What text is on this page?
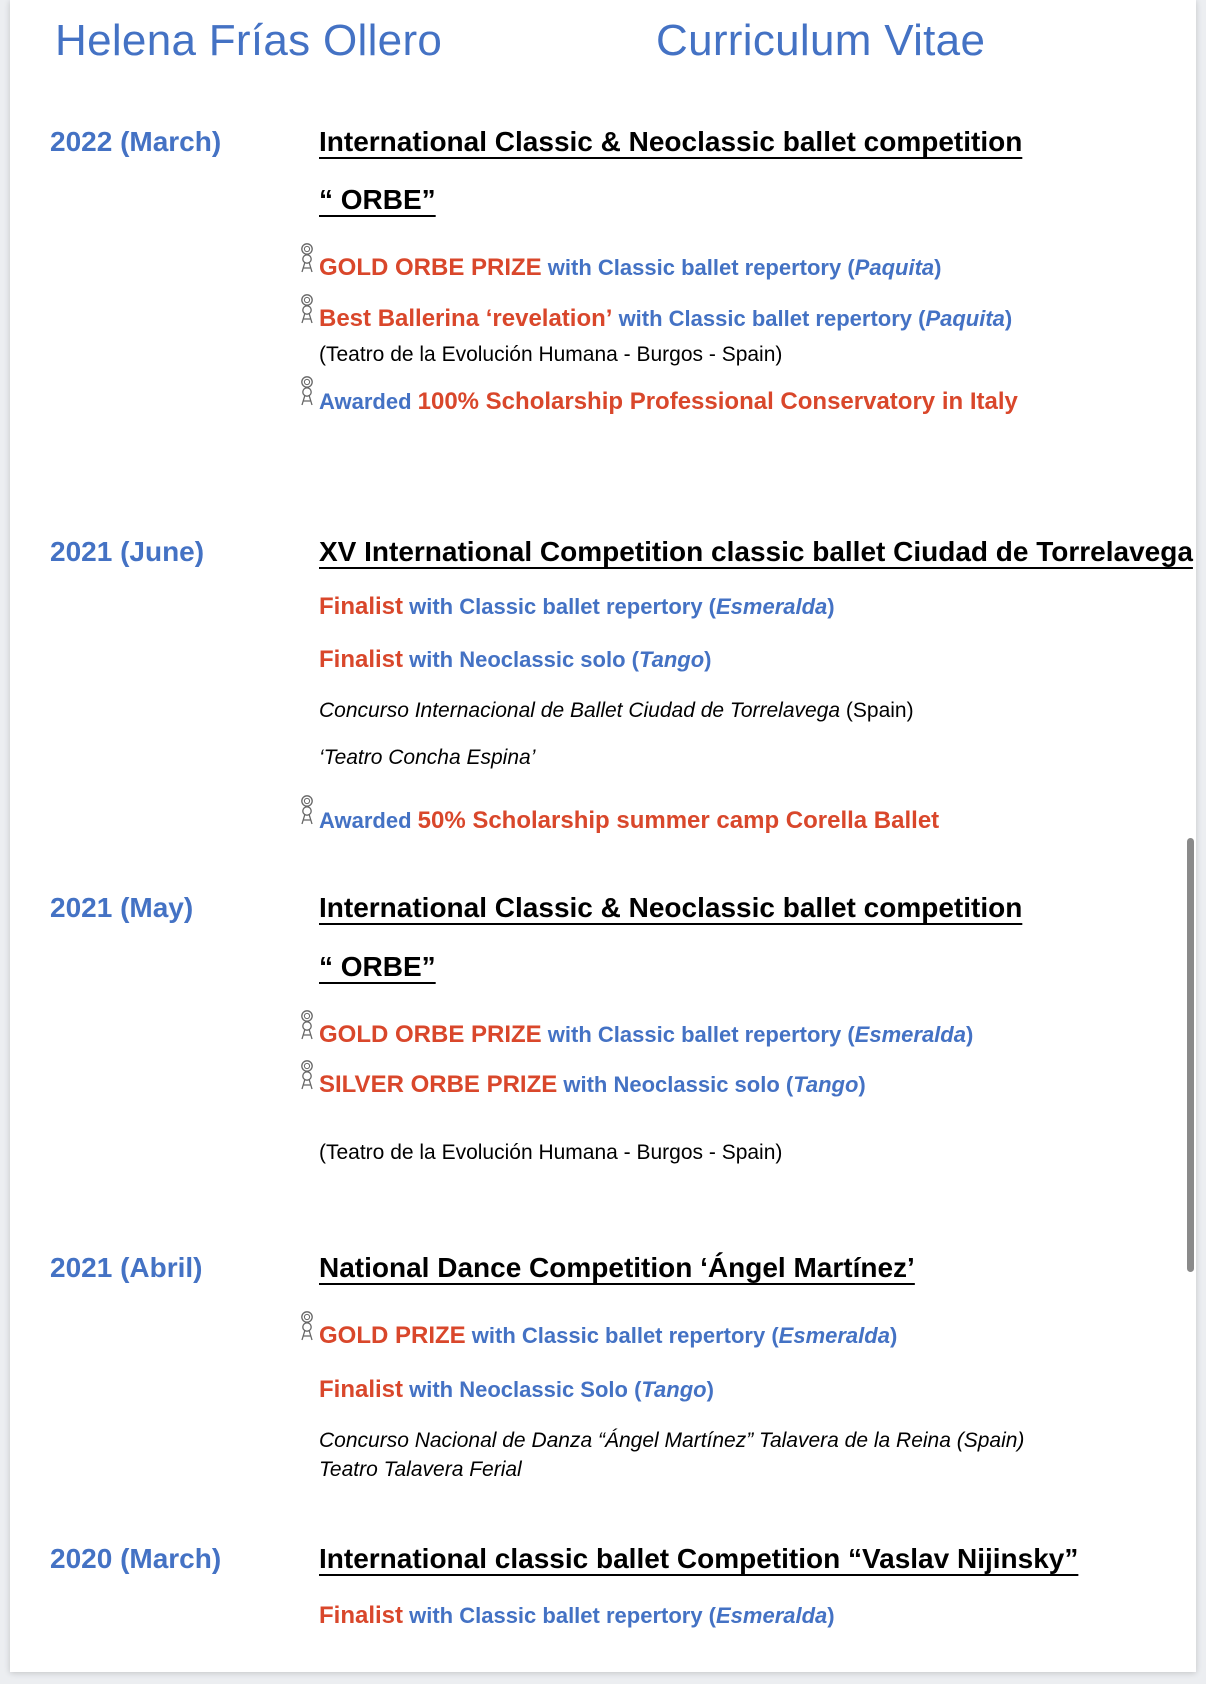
Helena Frías Ollero	Curriculum Vitae
2022 (March)	International Classic & Neoclassic ballet competition
“ ORBE”
GOLD ORBE PRIZE with Classic ballet repertory (Paquita)
Best Ballerina ‘revelation’ with Classic ballet repertory (Paquita)
(Teatro de la Evolución Humana - Burgos - Spain)
Awarded 100% Scholarship Professional Conservatory in Italy
2021 (June)	XV International Competition classic ballet Ciudad de Torrelavega
Finalist with Classic ballet repertory (Esmeralda)
Finalist with Neoclassic solo (Tango)
Concurso Internacional de Ballet Ciudad de Torrelavega (Spain)
‘Teatro Concha Espina’
Awarded 50% Scholarship summer camp Corella Ballet
2021 (May)	International Classic & Neoclassic ballet competition
“ ORBE”
GOLD ORBE PRIZE with Classic ballet repertory (Esmeralda)
SILVER ORBE PRIZE with Neoclassic solo (Tango)
(Teatro de la Evolución Humana - Burgos - Spain)
2021 (Abril)	National Dance Competition ‘Ángel Martínez’
GOLD PRIZE with Classic ballet repertory (Esmeralda)
Finalist with Neoclassic Solo (Tango)
Concurso Nacional de Danza “Ángel Martínez” Talavera de la Reina (Spain)
Teatro Talavera Ferial
2020 (March)	International classic ballet Competition “Vaslav Nijinsky”
Finalist with Classic ballet repertory (Esmeralda)
